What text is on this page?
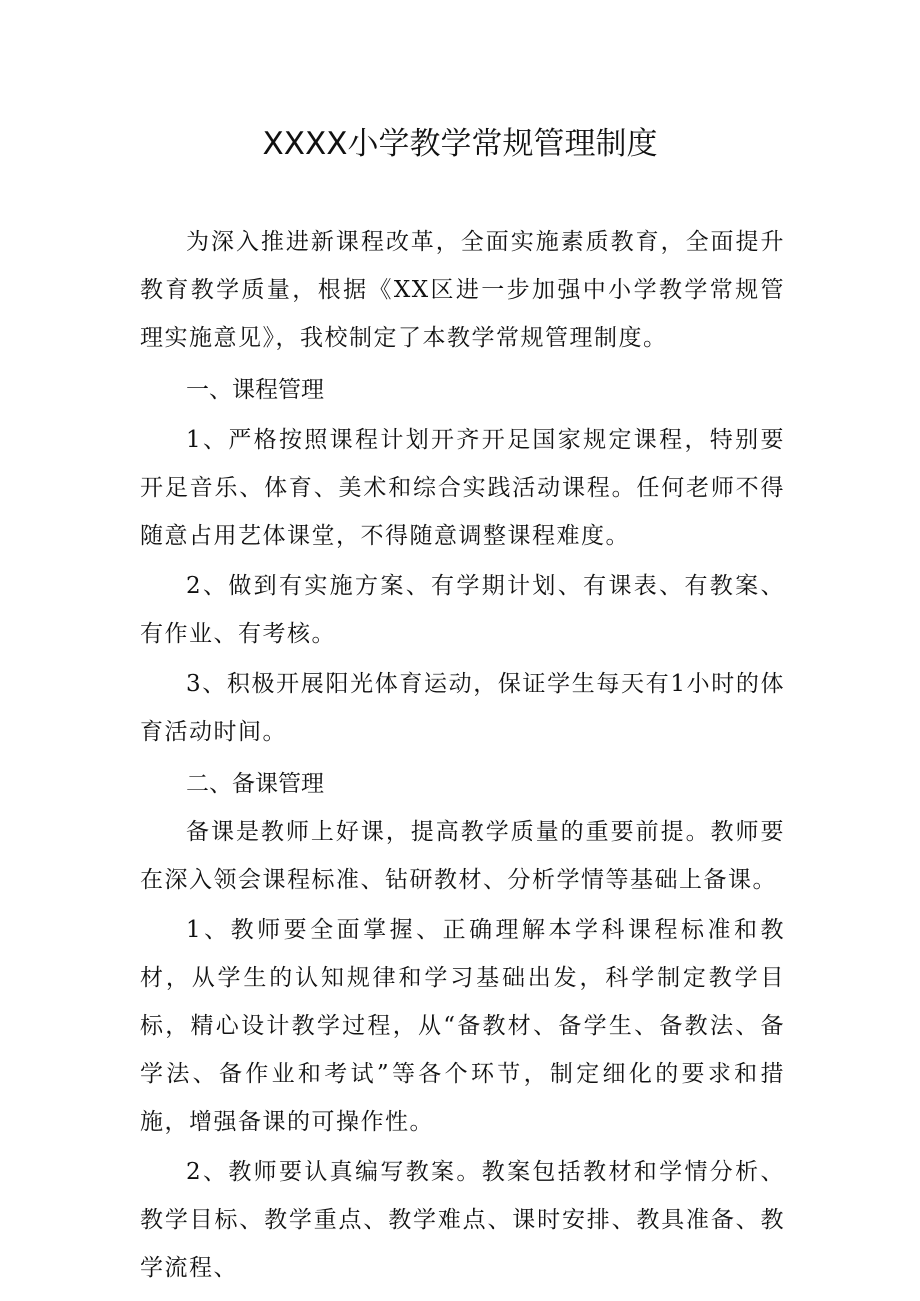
XXXX小学教学常规管理制度

为深入推进新课程改革，全面实施素质教育，全面提升教育教学质量，根据《XX区进一步加强中小学教学常规管理实施意见》，我校制定了本教学常规管理制度。

一、课程管理

1、严格按照课程计划开齐开足国家规定课程，特别要开足音乐、体育、美术和综合实践活动课程。任何老师不得随意占用艺体课堂，不得随意调整课程难度。

2、做到有实施方案、有学期计划、有课表、有教案、有作业、有考核。

3、积极开展阳光体育运动，保证学生每天有1小时的体育活动时间。

二、备课管理

备课是教师上好课，提高教学质量的重要前提。教师要在深入领会课程标准、钻研教材、分析学情等基础上备课。

1、教师要全面掌握、正确理解本学科课程标准和教材，从学生的认知规律和学习基础出发，科学制定教学目标，精心设计教学过程，从“备教材、备学生、备教法、备学法、备作业和考试”等各个环节，制定细化的要求和措施，增强备课的可操作性。

2、教师要认真编写教案。教案包括教材和学情分析、教学目标、教学重点、教学难点、课时安排、教具准备、教学流程、
